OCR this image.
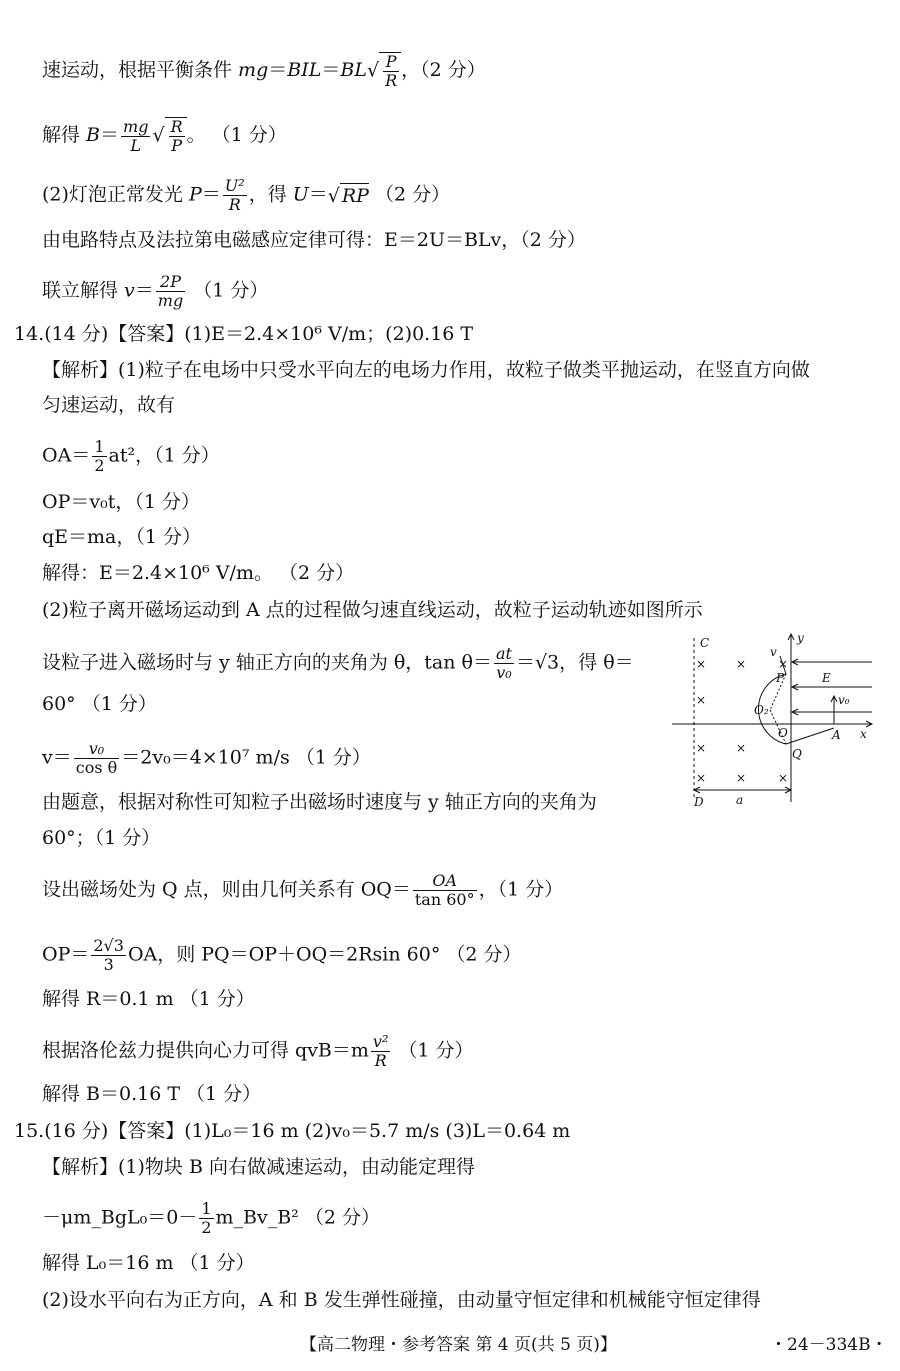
速运动，根据平衡条件 $mg=BIL=BL√ \frac{P}{R}$ ，（2 分）
解得 $B= \frac{mg}{L}$ √ $\frac{R}{P}$ 。 （1 分）
(2)灯泡正常发光 $P= \frac{\text{U²}}{R}$ ，得 U＝√ RP （2 分）
由电路特点及法拉第电磁感应定律可得：E＝2U＝BLv，（2 分）
联立解得 $v= \frac{2P}{mg} (1$ 分）
14.(14 分)【答案】(1)E＝2.4×10⁶ V/m；(2)0.16 T
【解析】(1)粒子在电场中只受水平向左的电场力作用，故粒子做类平抛运动，在竖直方向做
匀速运动，故有
$OA= \frac{1}{2} at^2$，（1 分）
OP＝v₀t，（1 分）
qE＝ma，（1 分）
解得：E＝2.4×10⁶ V/m。 （2 分）
(2)粒子离开磁场运动到 A 点的过程做匀速直线运动，故粒子运动轨迹如图所示
设粒子进入磁场时与 y 轴正方向的夹角为 θ，$\tan \theta= \frac{at}{\text{v₀}} =√3$，得 θ＝
60° （1 分）
$v= \frac{\text{v₀}}{\text{cos θ}} =2v_0=4\times 10^7$ m/s （1 分）
由题意，根据对称性可知粒子出磁场时速度与 y 轴正方向的夹角为
60°；（1 分）
设出磁场处为 Q 点，则由几何关系有 $OQ= \frac{OA}{\tan 60^\circ}$ ，（1 分）
$OP= \frac{2√3}{3}$ OA，则 PQ＝OP＋OQ＝2Rsin 60° （2 分）
解得 R＝0.1 m （1 分）
根据洛伦兹力提供向心力可得 $qvB=m \frac{\text{v²}}{R} (1$ 分）
解得 B＝0.16 T （1 分）
C
D
y
x
v
P	E
v₀
O₂
O	A
Q
a
× ×	×
×
× ×
× ×	×
15.(16 分)【答案】(1)L₀＝16 m (2)v₀＝5.7 m/s (3)L＝0.64 m
【解析】(1)物块 B 向右做减速运动，由动能定理得
－μm_BgL₀＝0－ $\frac{1}{2}$ m_Bv_B² （2 分）
解得 L₀＝16 m （1 分）
(2)设水平向右为正方向，A 和 B 发生弹性碰撞，由动量守恒定律和机械能守恒定律得
【高二物理・参考答案 第 4 页(共 5 页)】	・24－334B・
